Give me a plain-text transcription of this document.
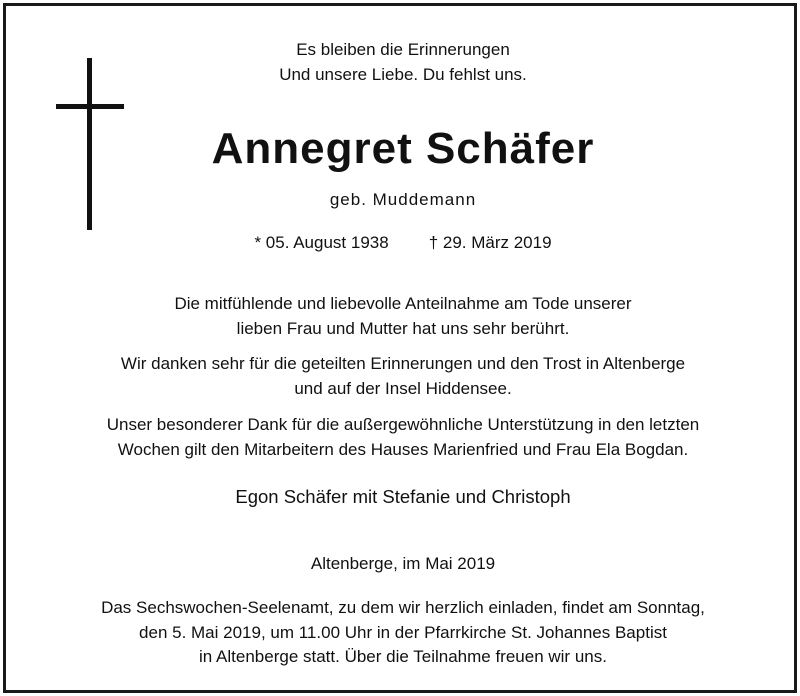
Es bleiben die Erinnerungen
Und unsere Liebe. Du fehlst uns.
Annegret Schäfer
geb. Muddemann
* 05. August 1938 † 29. März 2019
Die mitfühlende und liebevolle Anteilnahme am Tode unserer
lieben Frau und Mutter hat uns sehr berührt.
Wir danken sehr für die geteilten Erinnerungen und den Trost in Altenberge
und auf der Insel Hiddensee.
Unser besonderer Dank für die außergewöhnliche Unterstützung in den letzten
Wochen gilt den Mitarbeitern des Hauses Marienfried und Frau Ela Bogdan.
Egon Schäfer mit Stefanie und Christoph
Altenberge, im Mai 2019
Das Sechswochen-Seelenamt, zu dem wir herzlich einladen, findet am Sonntag,
den 5. Mai 2019, um 11.00 Uhr in der Pfarrkirche St. Johannes Baptist
in Altenberge statt. Über die Teilnahme freuen wir uns.
